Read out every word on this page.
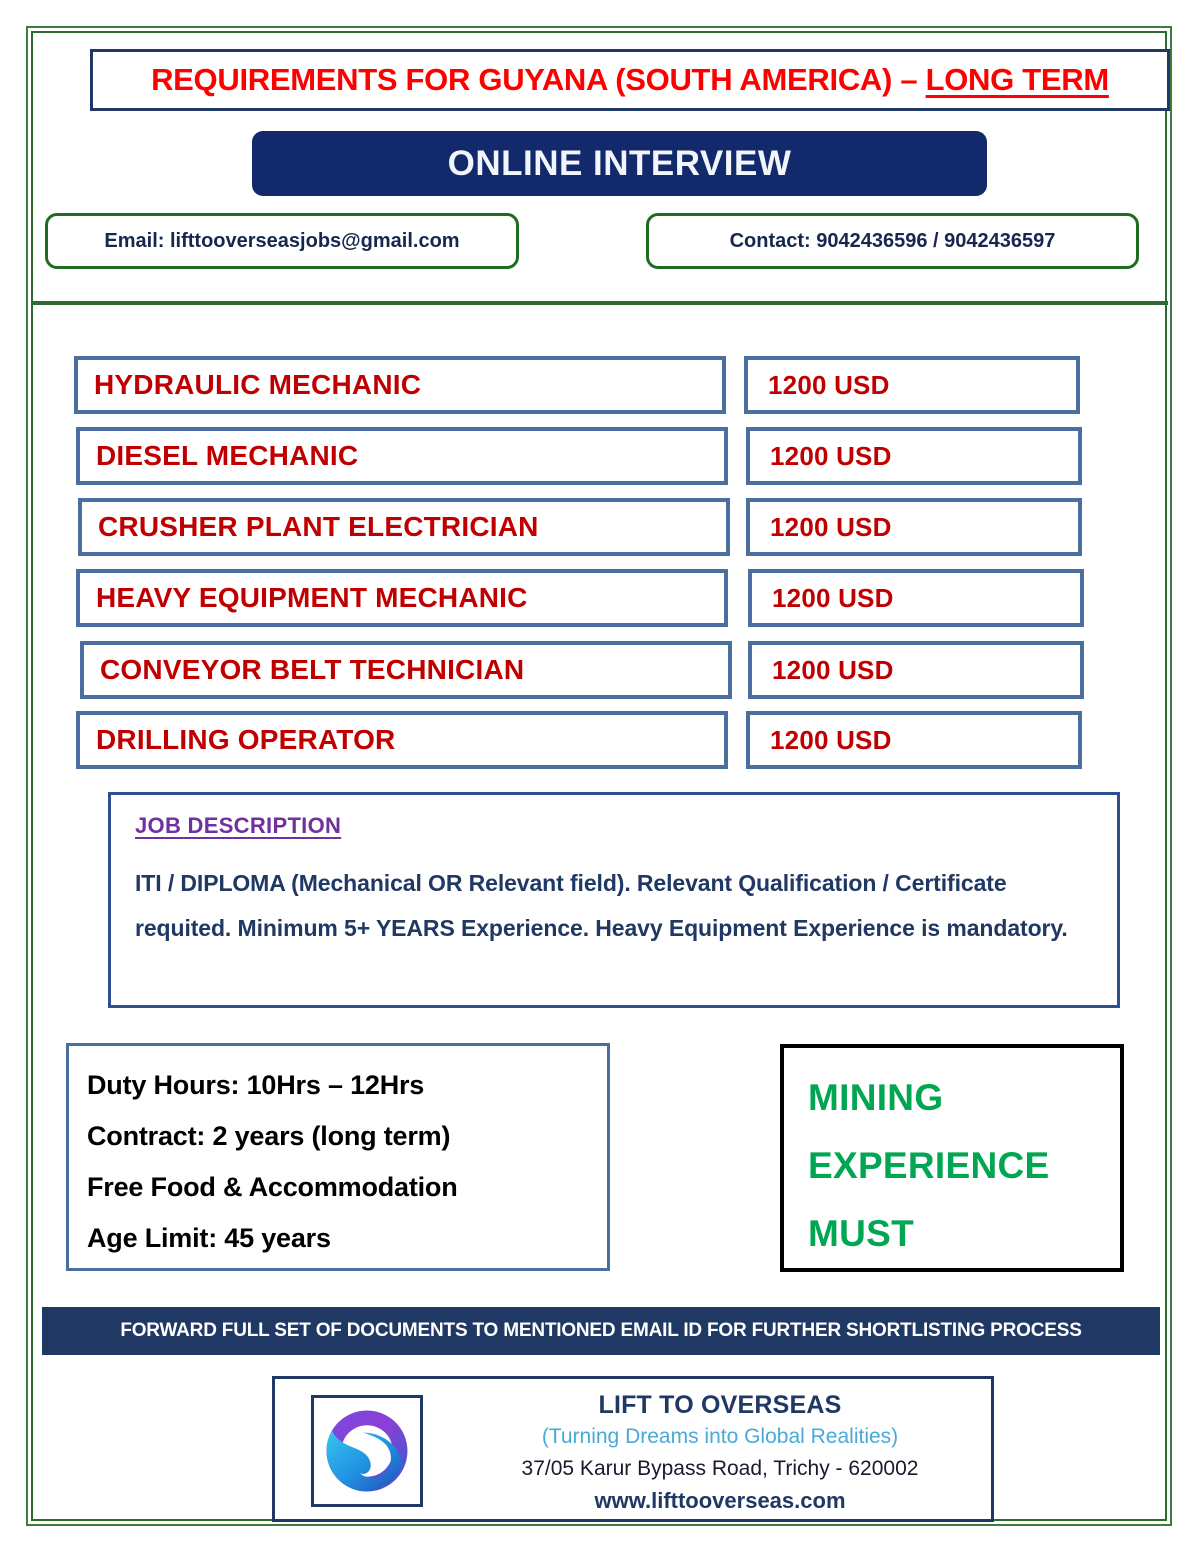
REQUIREMENTS FOR GUYANA (SOUTH AMERICA) – LONG TERM
ONLINE INTERVIEW
Email: lifttooverseasjobs@gmail.com	Contact: 9042436596 / 9042436597
HYDRAULIC MECHANIC	1200 USD
DIESEL MECHANIC	1200 USD
CRUSHER PLANT ELECTRICIAN	1200 USD
HEAVY EQUIPMENT MECHANIC	1200 USD
CONVEYOR BELT TECHNICIAN	1200 USD
DRILLING OPERATOR	1200 USD
JOB DESCRIPTION
ITI / DIPLOMA (Mechanical OR Relevant field). Relevant Qualification / Certificate requited. Minimum 5+ YEARS Experience. Heavy Equipment Experience is mandatory.
Duty Hours: 10Hrs – 12Hrs
Contract: 2 years (long term)
Free Food & Accommodation
Age Limit: 45 years
MINING
EXPERIENCE
MUST
FORWARD FULL SET OF DOCUMENTS TO MENTIONED EMAIL ID FOR FURTHER SHORTLISTING PROCESS
LIFT TO OVERSEAS
(Turning Dreams into Global Realities)
37/05 Karur Bypass Road, Trichy - 620002
www.lifttooverseas.com
